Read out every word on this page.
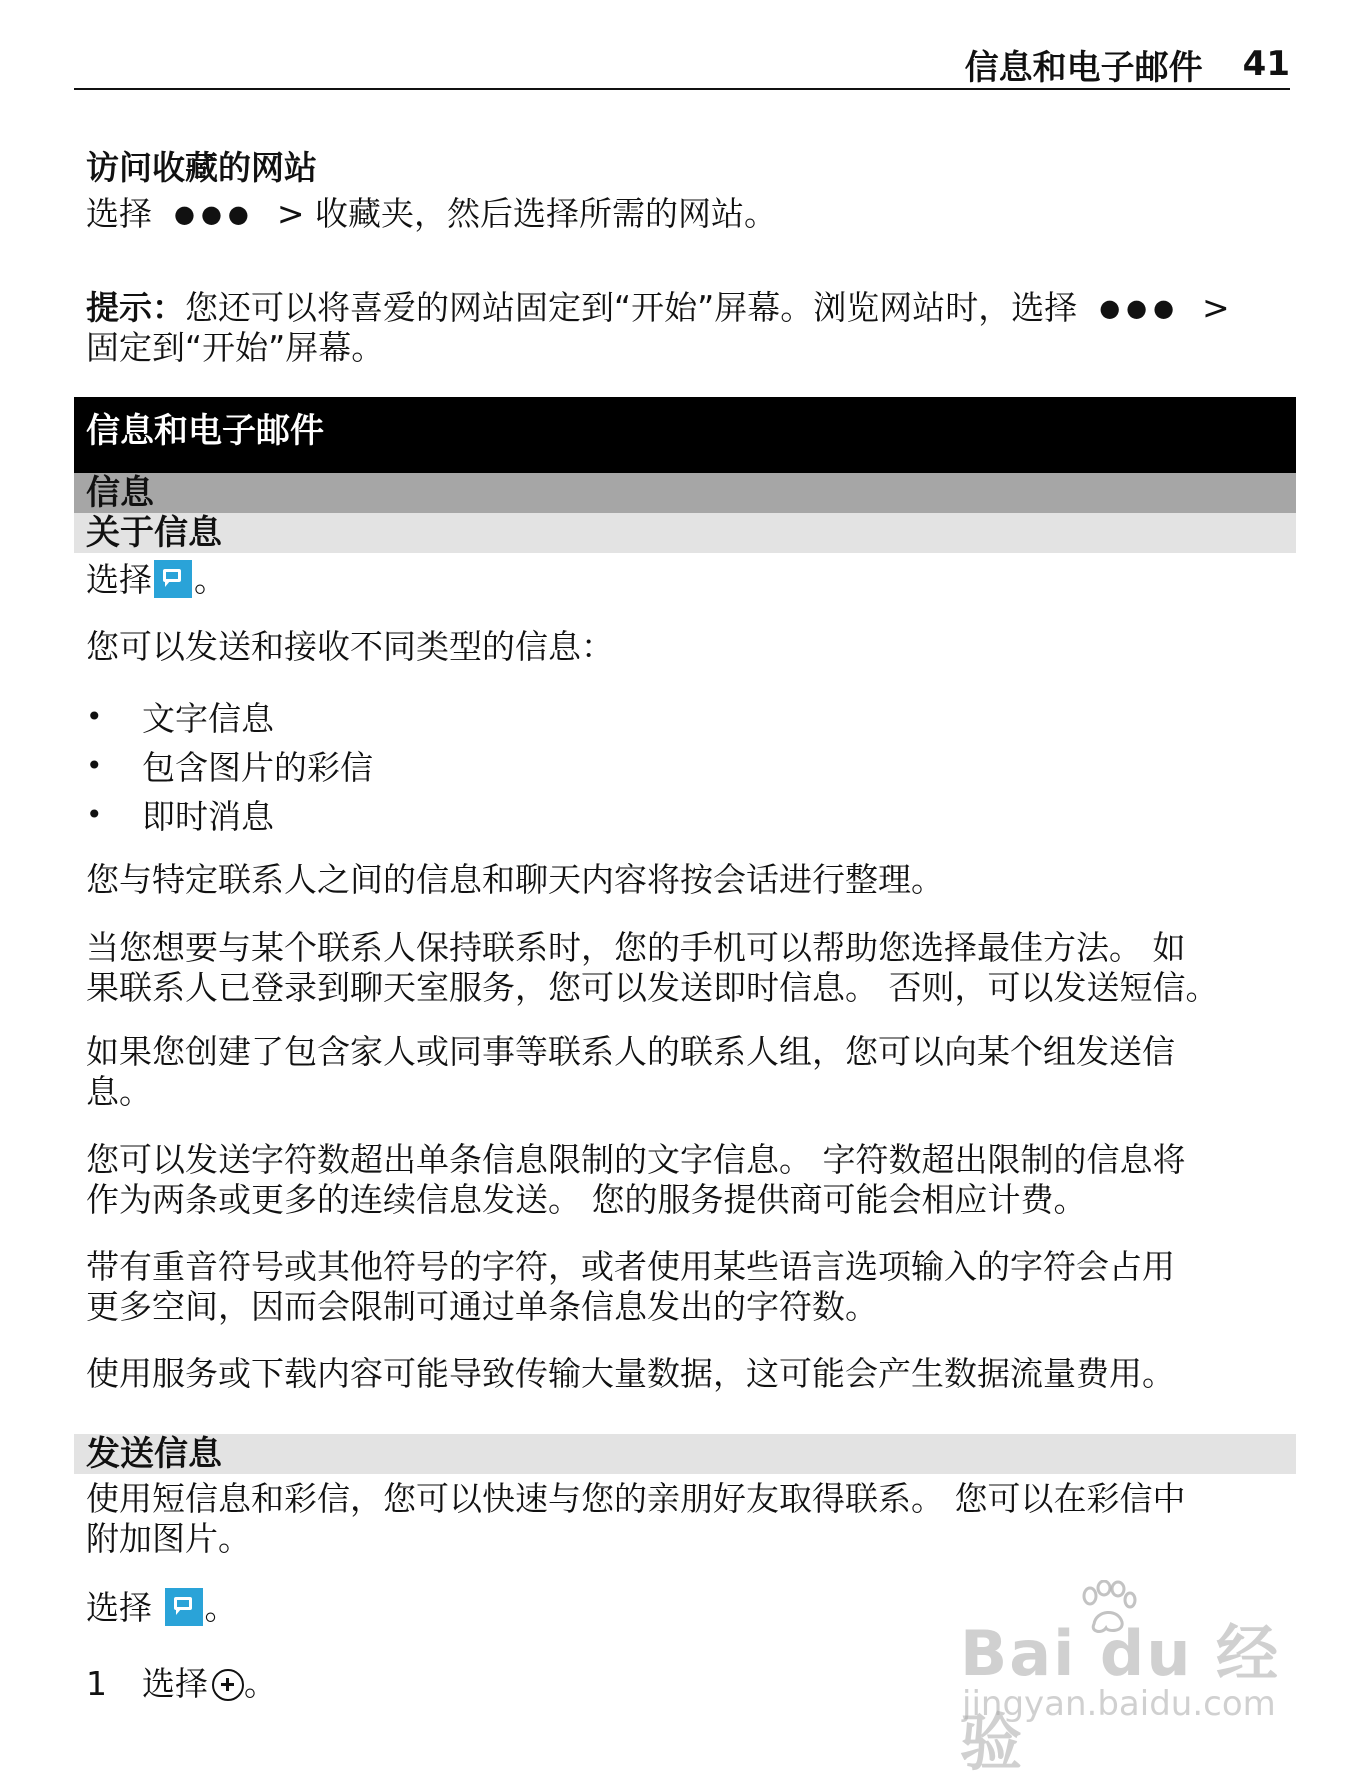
信息和电子邮件 41
访问收藏的网站
选择 ●●● > 收藏夹，然后选择所需的网站。
提示：您还可以将喜爱的网站固定到“开始”屏幕。浏览网站时，选择 ●●● >
固定到“开始”屏幕。
信息和电子邮件
信息
关于信息
选择 。
您可以发送和接收不同类型的信息：
•	文字信息
•	包含图片的彩信
•	即时消息
您与特定联系人之间的信息和聊天内容将按会话进行整理。
当您想要与某个联系人保持联系时，您的手机可以帮助您选择最佳方法。 如
果联系人已登录到聊天室服务，您可以发送即时信息。 否则，可以发送短信。
如果您创建了包含家人或同事等联系人的联系人组，您可以向某个组发送信
息。
您可以发送字符数超出单条信息限制的文字信息。 字符数超出限制的信息将
作为两条或更多的连续信息发送。 您的服务提供商可能会相应计费。
带有重音符号或其他符号的字符，或者使用某些语言选项输入的字符会占用
更多空间，因而会限制可通过单条信息发出的字符数。
使用服务或下载内容可能导致传输大量数据，这可能会产生数据流量费用。
发送信息
使用短信息和彩信，您可以快速与您的亲朋好友取得联系。 您可以在彩信中
附加图片。
选择 。
1 选择 。	Bai du 经验
jingyan.baidu.com
